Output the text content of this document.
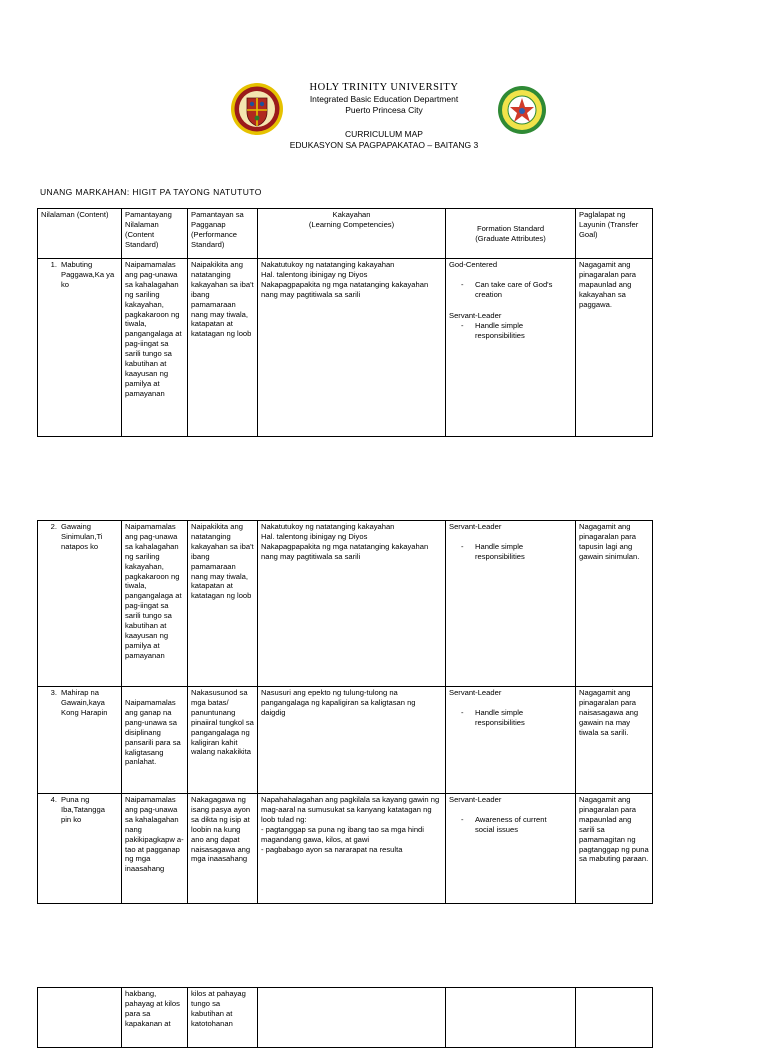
HOLY TRINITY UNIVERSITY
Integrated Basic Education Department
Puerto Princesa City
CURRICULUM MAP
EDUKASYON SA PAGPAPAKATAO – BAITANG 3
UNANG MARKAHAN: HIGIT PA TAYONG NATUTUTO
Nilalaman (Content)	Pamantayang Nilalaman (Content Standard)	Pamantayan sa Pagganap (Performance Standard)	Kakayahan
(Learning Competencies)	Formation Standard
(Graduate Attributes)	Paglalapat ng Layunin (Transfer Goal)
1. Mabuting Paggawa,Ka ya ko	Naipamamalas ang pag-unawa sa kahalagahan ng sariling kakayahan, pagkakaroon ng tiwala, pangangalaga at pag-iingat sa sarili tungo sa kabutihan at kaayusan ng pamilya at pamayanan	Naipakikita ang natatanging kakayahan sa iba't ibang pamamaraan nang may tiwala, katapatan at katatagan ng loob	Nakatutukoy ng natatanging kakayahan
Hal. talentong ibinigay ng Diyos
Nakapagpapakita ng mga natatanging kakayahan nang may pagtitiwala sa sarili	God-Centered
- Can take care of God's creation
Servant-Leader
- Handle simple responsibilities	Nagagamit ang pinagaralan para mapaunlad ang kakayahan sa paggawa.
2. Gawaing Sinimulan,Ti natapos ko	Naipamamalas ang pag-unawa sa kahalagahan ng sariling kakayahan, pagkakaroon ng tiwala, pangangalaga at pag-iingat sa sarili tungo sa kabutihan at kaayusan ng pamilya at pamayanan	Naipakikita ang natatanging kakayahan sa iba't ibang pamamaraan nang may tiwala, katapatan at katatagan ng loob	Nakatutukoy ng natatanging kakayahan
Hal. talentong ibinigay ng Diyos
Nakapagpapakita ng mga natatanging kakayahan nang may pagtitiwala sa sarili	Servant-Leader
- Handle simple responsibilities	Nagagamit ang pinagaralan para tapusin lagi ang gawain sinimulan.
3. Mahirap na Gawain,kaya Kong Harapin	Naipamamalas ang ganap na pang-unawa sa disiplinang pansarili para sa kaligtasang panlahat.	Nakasusunod sa mga batas/ panuntunang pinaiiral tungkol sa pangangalaga ng kaligiran kahit walang nakakikita	Nasusuri ang epekto ng tulung-tulong na pangangalaga ng kapaligiran sa kaligtasan ng daigdig	Servant-Leader
- Handle simple responsibilities	Nagagamit ang pinagaralan para naisasagawa ang gawain na may tiwala sa sarili.
4. Puna ng Iba,Tatangga pin ko	Naipamamalas ang pag-unawa sa kahalagahan nang pakikipagkapw a-tao at pagganap ng mga inaasahang	Nakagagawa ng isang pasya ayon sa dikta ng isip at loobin na kung ano ang dapat naisasagawa ang mga inaasahang	Napahahalagahan ang pagkilala sa kayang gawin ng mag-aaral na sumusukat sa kanyang katatagan ng loob tulad ng:
- pagtanggap sa puna ng ibang tao sa mga hindi magandang gawa, kilos, at gawi
- pagbabago ayon sa nararapat na resulta	Servant-Leader
- Awareness of current social issues	Nagagamit ang pinagaralan para mapaunlad ang sarili sa pamamagitan ng pagtanggap ng puna sa mabuting paraan.
	hakbang, pahayag at kilos para sa kapakanan at	kilos at pahayag tungo sa kabutihan at katotohanan			
